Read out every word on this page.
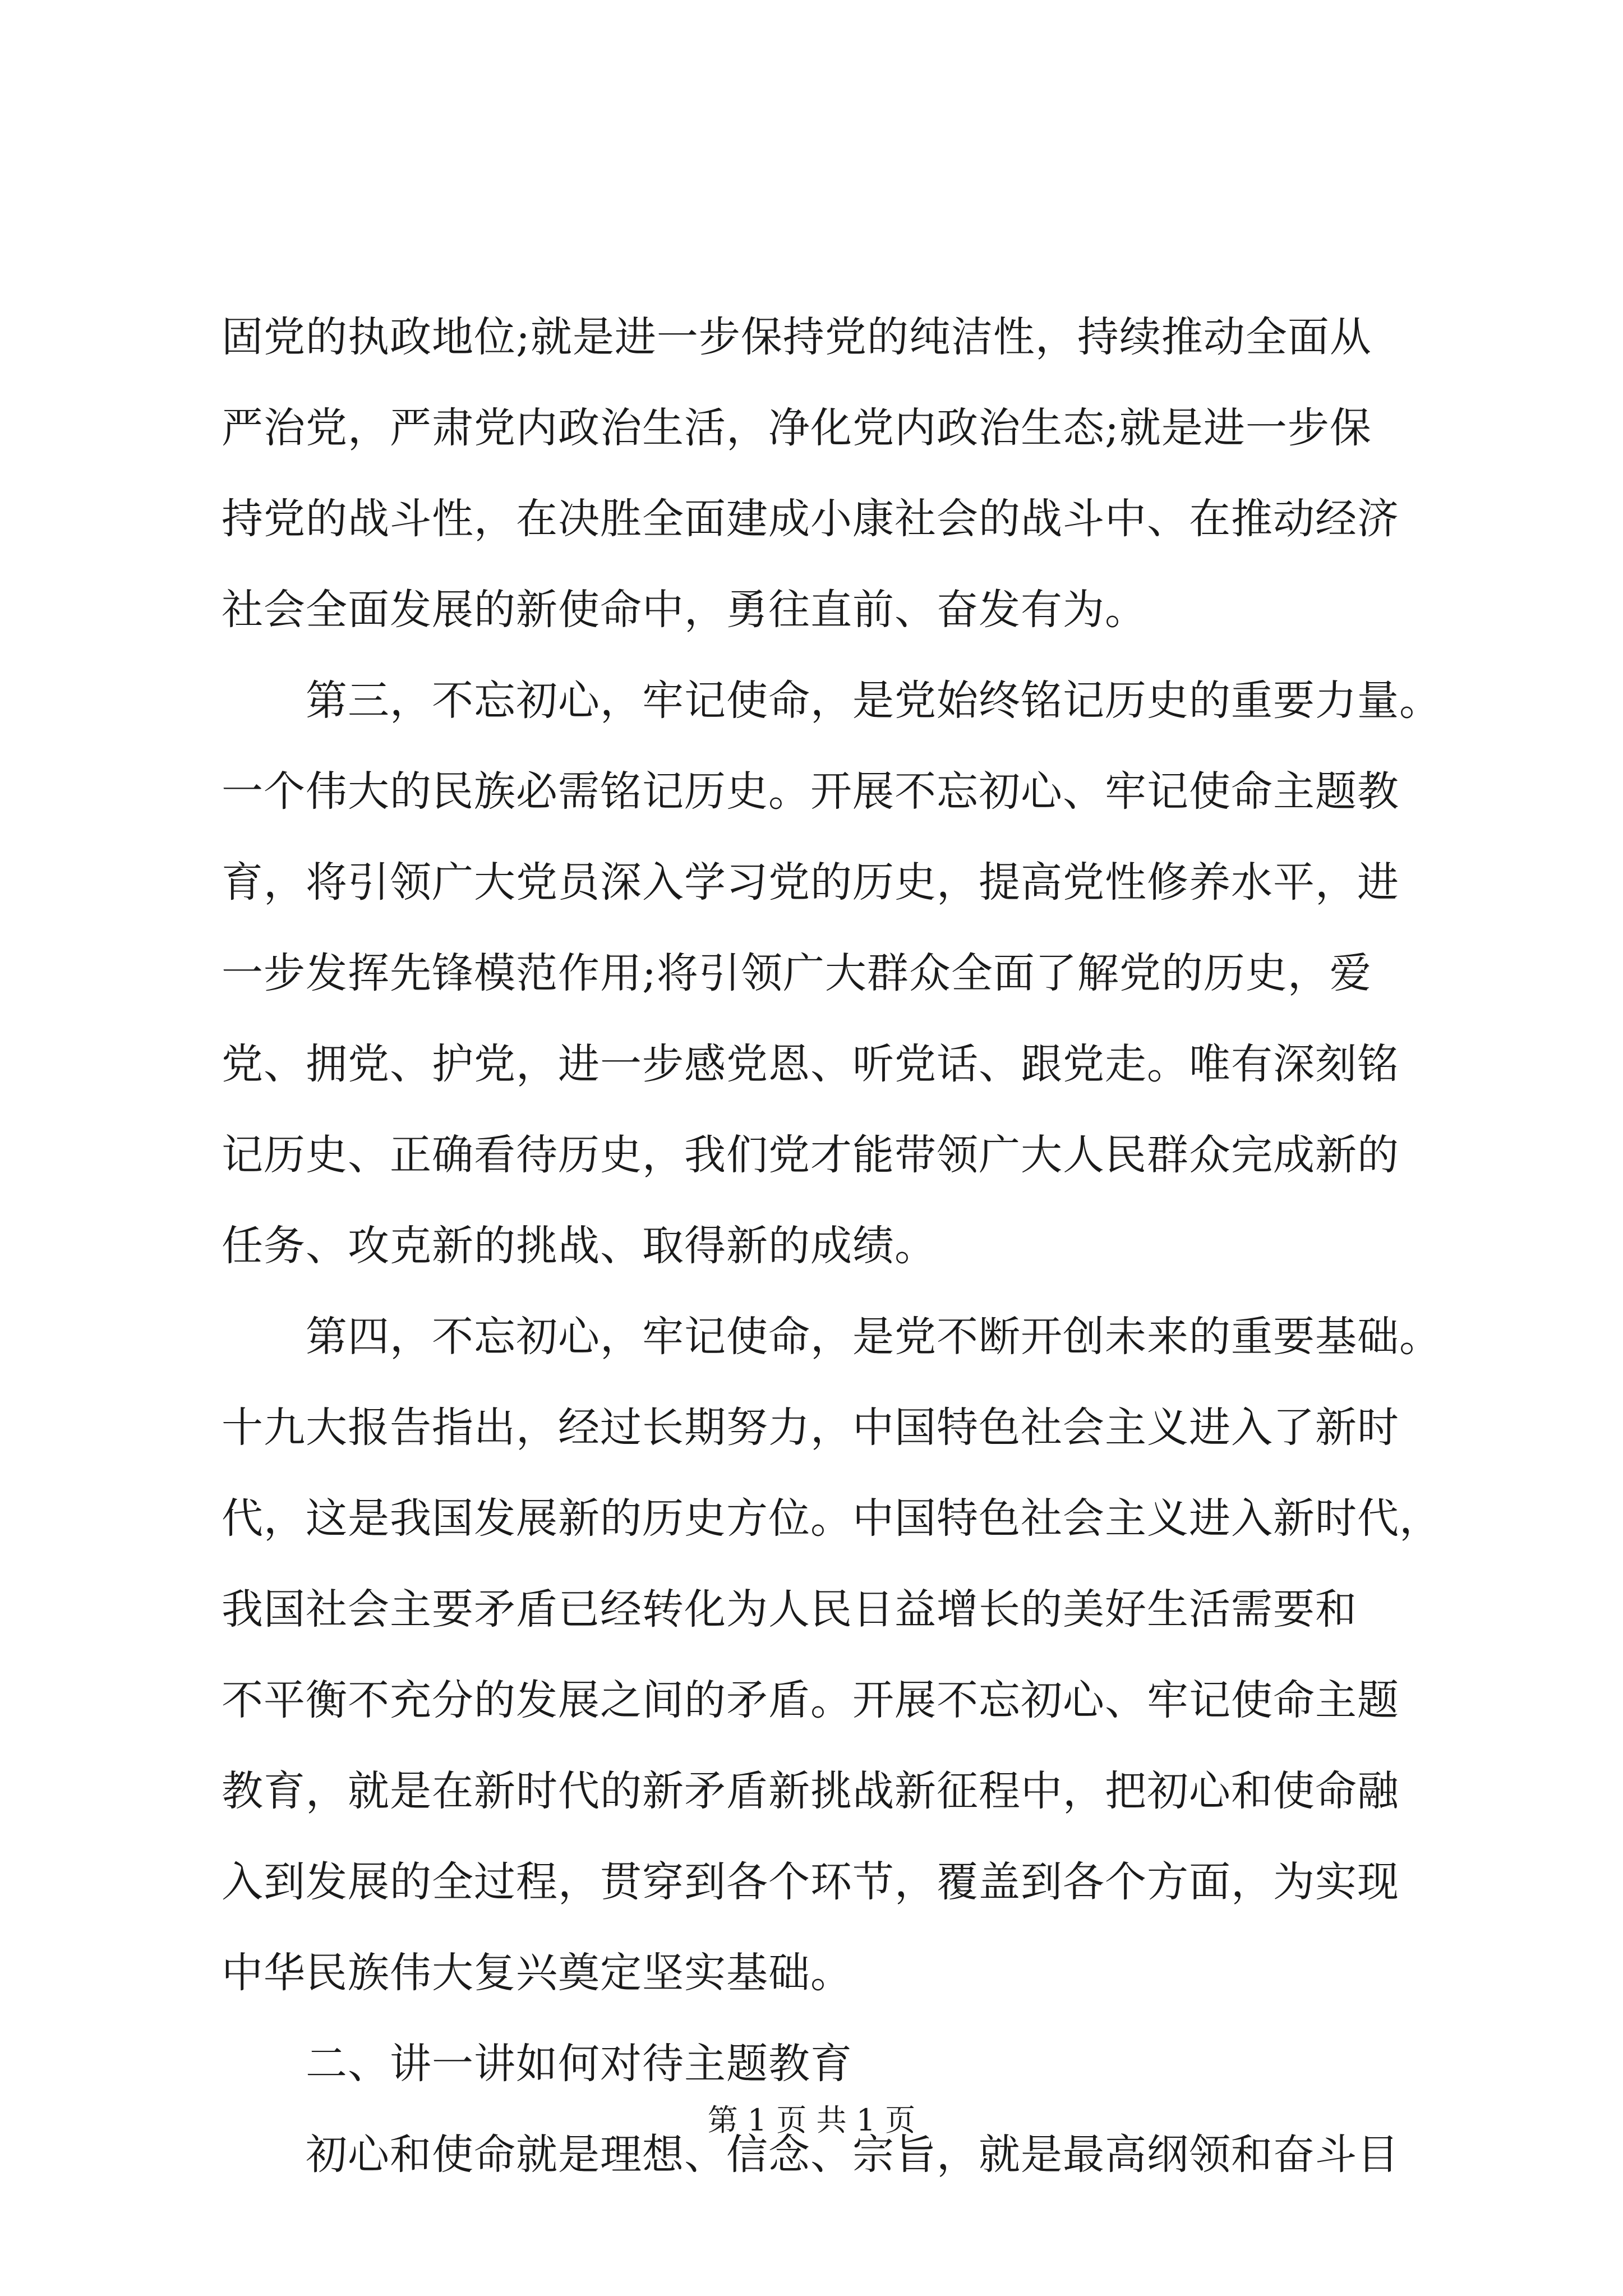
固党的执政地位;就是进一步保持党的纯洁性，持续推动全面从
严治党，严肃党内政治生活，净化党内政治生态;就是进一步保
持党的战斗性，在决胜全面建成小康社会的战斗中、在推动经济
社会全面发展的新使命中，勇往直前、奋发有为。
　　第三，不忘初心，牢记使命，是党始终铭记历史的重要力量。
一个伟大的民族必需铭记历史。开展不忘初心、牢记使命主题教
育，将引领广大党员深入学习党的历史，提高党性修养水平，进
一步发挥先锋模范作用;将引领广大群众全面了解党的历史，爱
党、拥党、护党，进一步感党恩、听党话、跟党走。唯有深刻铭
记历史、正确看待历史，我们党才能带领广大人民群众完成新的
任务、攻克新的挑战、取得新的成绩。
　　第四，不忘初心，牢记使命，是党不断开创未来的重要基础。
十九大报告指出，经过长期努力，中国特色社会主义进入了新时
代，这是我国发展新的历史方位。中国特色社会主义进入新时代，
我国社会主要矛盾已经转化为人民日益增长的美好生活需要和
不平衡不充分的发展之间的矛盾。开展不忘初心、牢记使命主题
教育，就是在新时代的新矛盾新挑战新征程中，把初心和使命融
入到发展的全过程，贯穿到各个环节，覆盖到各个方面，为实现
中华民族伟大复兴奠定坚实基础。
　　二、讲一讲如何对待主题教育
　　初心和使命就是理想、信念、宗旨，就是最高纲领和奋斗目
第 1 页 共 1 页
